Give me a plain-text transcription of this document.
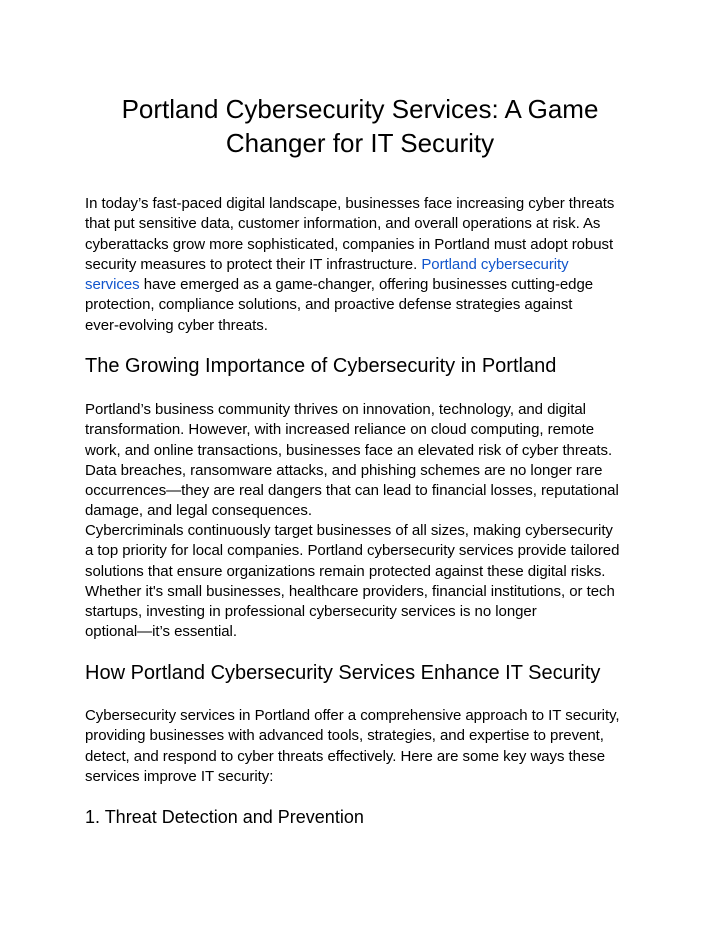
Portland Cybersecurity Services: A Game
Changer for IT Security

In today’s fast-paced digital landscape, businesses face increasing cyber threats
that put sensitive data, customer information, and overall operations at risk. As
cyberattacks grow more sophisticated, companies in Portland must adopt robust
security measures to protect their IT infrastructure. Portland cybersecurity
services have emerged as a game-changer, offering businesses cutting-edge
protection, compliance solutions, and proactive defense strategies against
ever-evolving cyber threats.

The Growing Importance of Cybersecurity in Portland

Portland’s business community thrives on innovation, technology, and digital
transformation. However, with increased reliance on cloud computing, remote
work, and online transactions, businesses face an elevated risk of cyber threats.
Data breaches, ransomware attacks, and phishing schemes are no longer rare
occurrences—they are real dangers that can lead to financial losses, reputational
damage, and legal consequences.

Cybercriminals continuously target businesses of all sizes, making cybersecurity
a top priority for local companies. Portland cybersecurity services provide tailored
solutions that ensure organizations remain protected against these digital risks.
Whether it's small businesses, healthcare providers, financial institutions, or tech
startups, investing in professional cybersecurity services is no longer
optional—it’s essential.

How Portland Cybersecurity Services Enhance IT Security

Cybersecurity services in Portland offer a comprehensive approach to IT security,
providing businesses with advanced tools, strategies, and expertise to prevent,
detect, and respond to cyber threats effectively. Here are some key ways these
services improve IT security:

1. Threat Detection and Prevention
